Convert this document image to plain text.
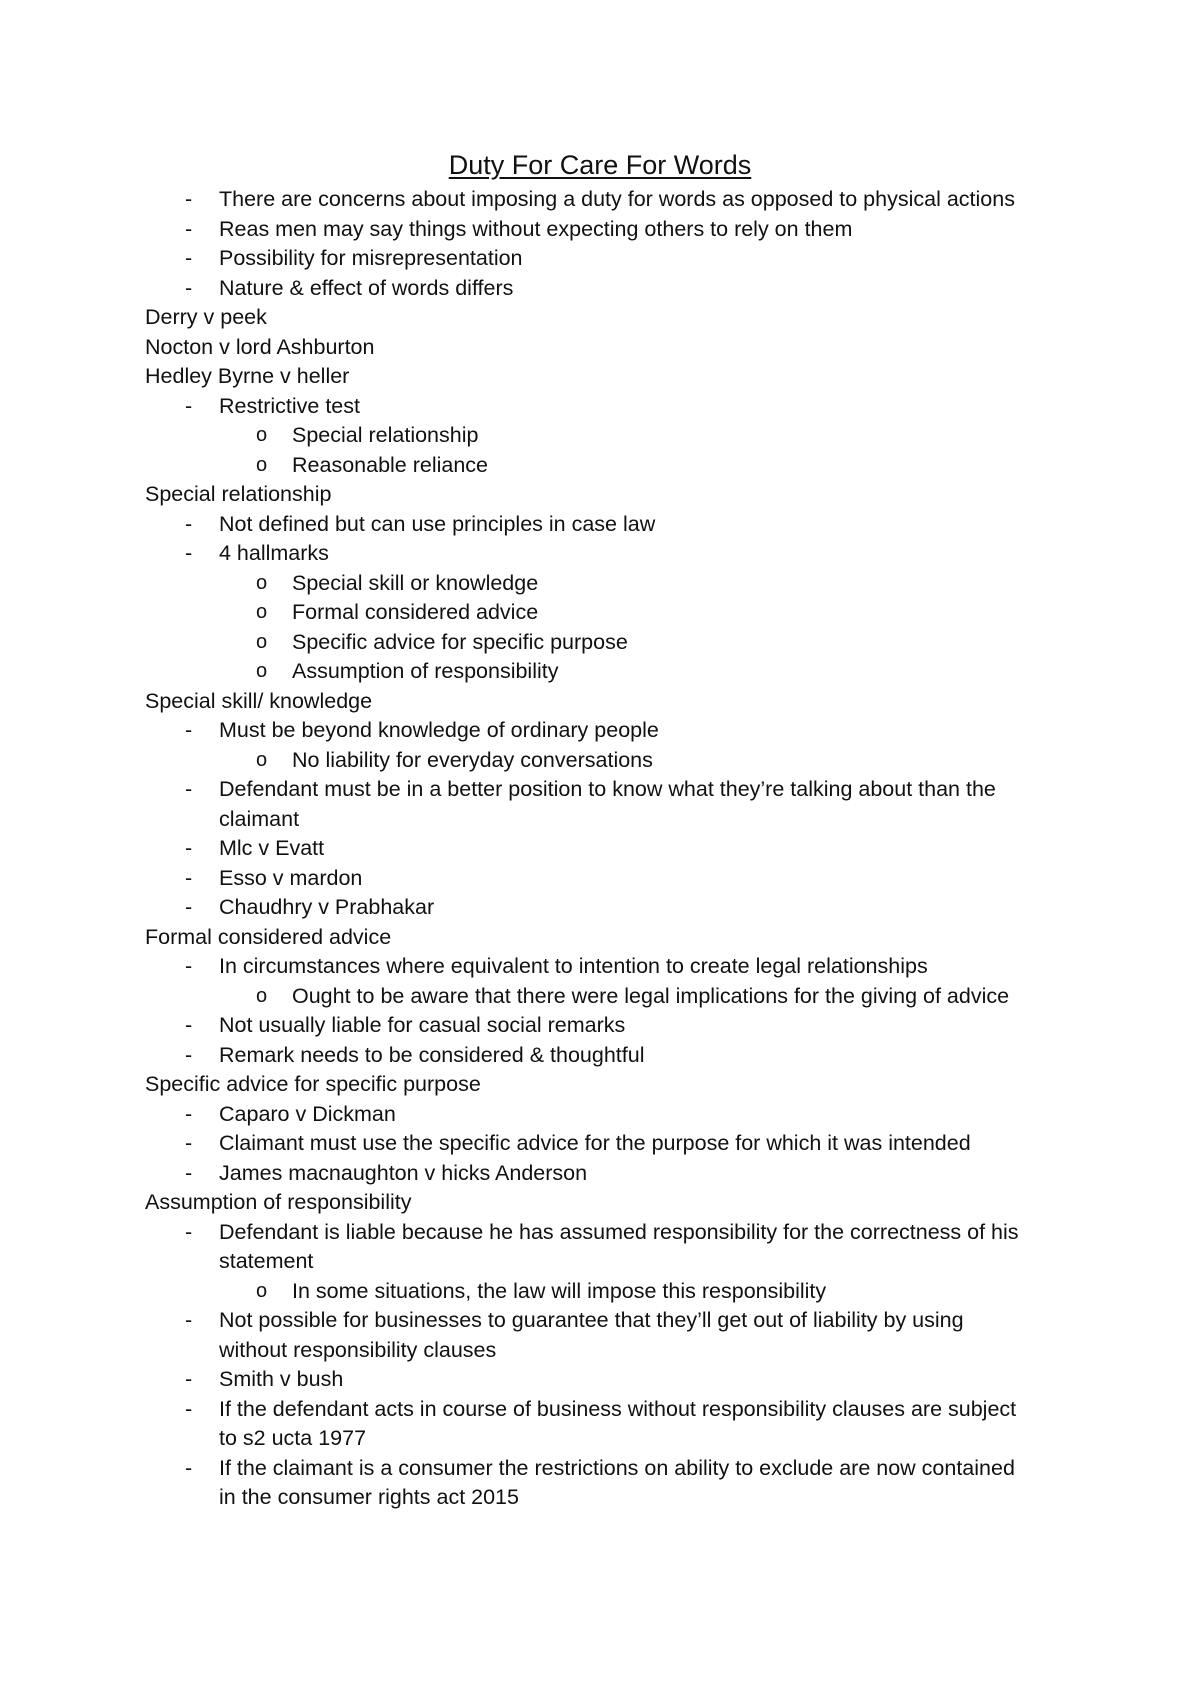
Duty For Care For Words
- There are concerns about imposing a duty for words as opposed to physical actions
- Reas men may say things without expecting others to rely on them
- Possibility for misrepresentation
- Nature & effect of words differs
Derry v peek
Nocton v lord Ashburton
Hedley Byrne v heller
- Restrictive test
o Special relationship
o Reasonable reliance
Special relationship
- Not defined but can use principles in case law
- 4 hallmarks
o Special skill or knowledge
o Formal considered advice
o Specific advice for specific purpose
o Assumption of responsibility
Special skill/ knowledge
- Must be beyond knowledge of ordinary people
o No liability for everyday conversations
- Defendant must be in a better position to know what they’re talking about than the
claimant
- Mlc v Evatt
- Esso v mardon
- Chaudhry v Prabhakar
Formal considered advice
- In circumstances where equivalent to intention to create legal relationships
o Ought to be aware that there were legal implications for the giving of advice
- Not usually liable for casual social remarks
- Remark needs to be considered & thoughtful
Specific advice for specific purpose
- Caparo v Dickman
- Claimant must use the specific advice for the purpose for which it was intended
- James macnaughton v hicks Anderson
Assumption of responsibility
- Defendant is liable because he has assumed responsibility for the correctness of his
statement
o In some situations, the law will impose this responsibility
- Not possible for businesses to guarantee that they’ll get out of liability by using
without responsibility clauses
- Smith v bush
- If the defendant acts in course of business without responsibility clauses are subject
to s2 ucta 1977
- If the claimant is a consumer the restrictions on ability to exclude are now contained
in the consumer rights act 2015
